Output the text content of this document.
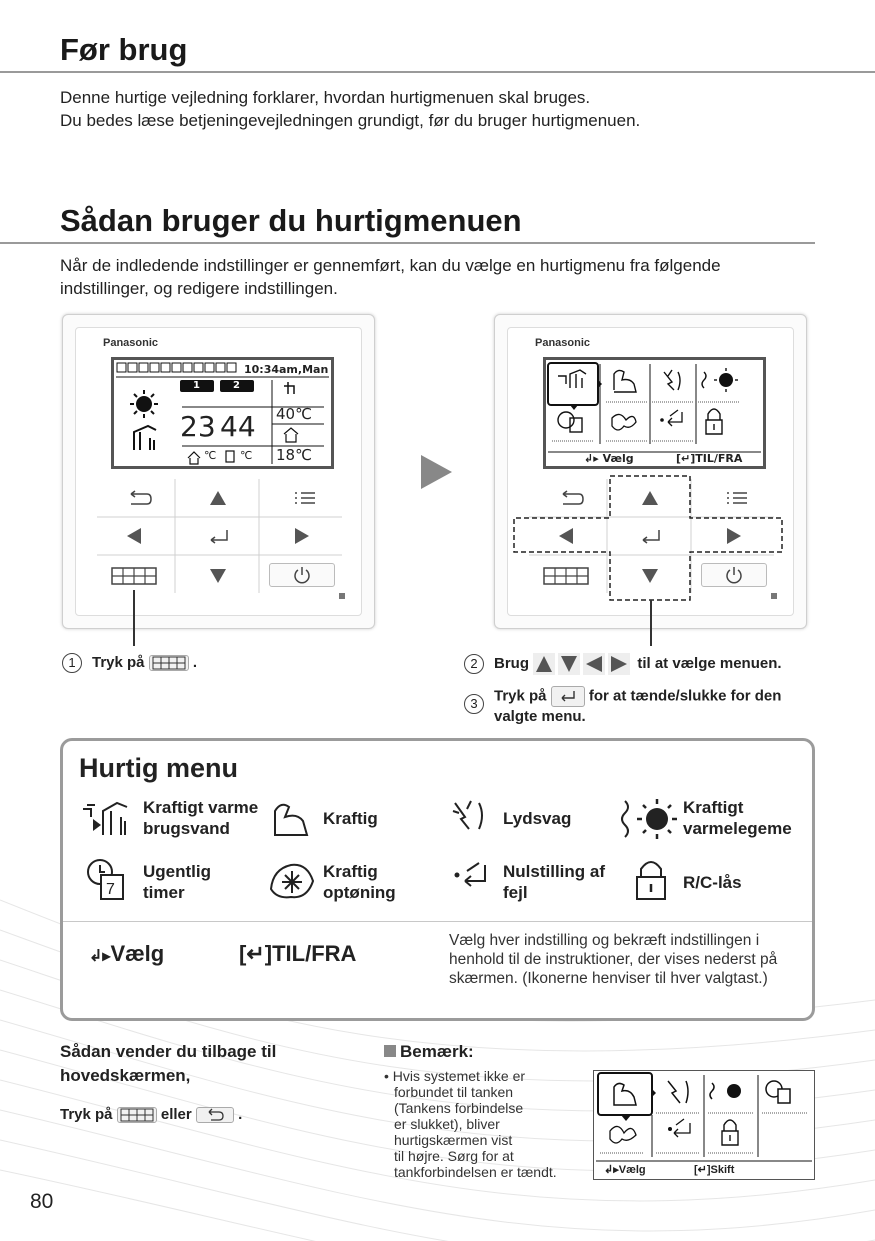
Før brug
Denne hurtige vejledning forklarer, hvordan hurtigmenuen skal bruges.
Du bedes læse betjeningevejledningen grundigt, før du bruger hurtigmenuen.
Sådan bruger du hurtigmenuen
Når de indledende indstillinger er gennemført, kan du vælge en hurtigmenu fra følgende
indstillinger, og redigere indstillingen.
Panasonic
10:34am,Man
1	2
23 44 40℃
18℃
℃ ℃
Panasonic
↲▸ Vælg	[↵]TIL/FRA
1 Tryk på	.	2 Brug	til at vælge menuen.
3 Tryk på	for at tænde/slukke for den
valgte menu.
Hurtig menu
Kraftigt varme
brugsvand
Kraftig	Lydsvag
Kraftigt
varmelegeme
7
Ugentlig
timer
Kraftig
optøning
Nulstilling af
fejl
R/C-lås
↲▸Vælg	[↵]TIL/FRA
Vælg hver indstilling og bekræft indstillingen i
henhold til de instruktioner, der vises nederst på
skærmen. (Ikonerne henviser til hver valgtast.)
Sådan vender du tilbage til
hovedskærmen,
Tryk på	eller	.
Bemærk:
• Hvis systemet ikke er
forbundet til tanken
(Tankens forbindelse
er slukket), bliver
hurtigskærmen vist
til højre. Sørg for at
tankforbindelsen er tændt.	↲▸Vælg	[↵]Skift
80
